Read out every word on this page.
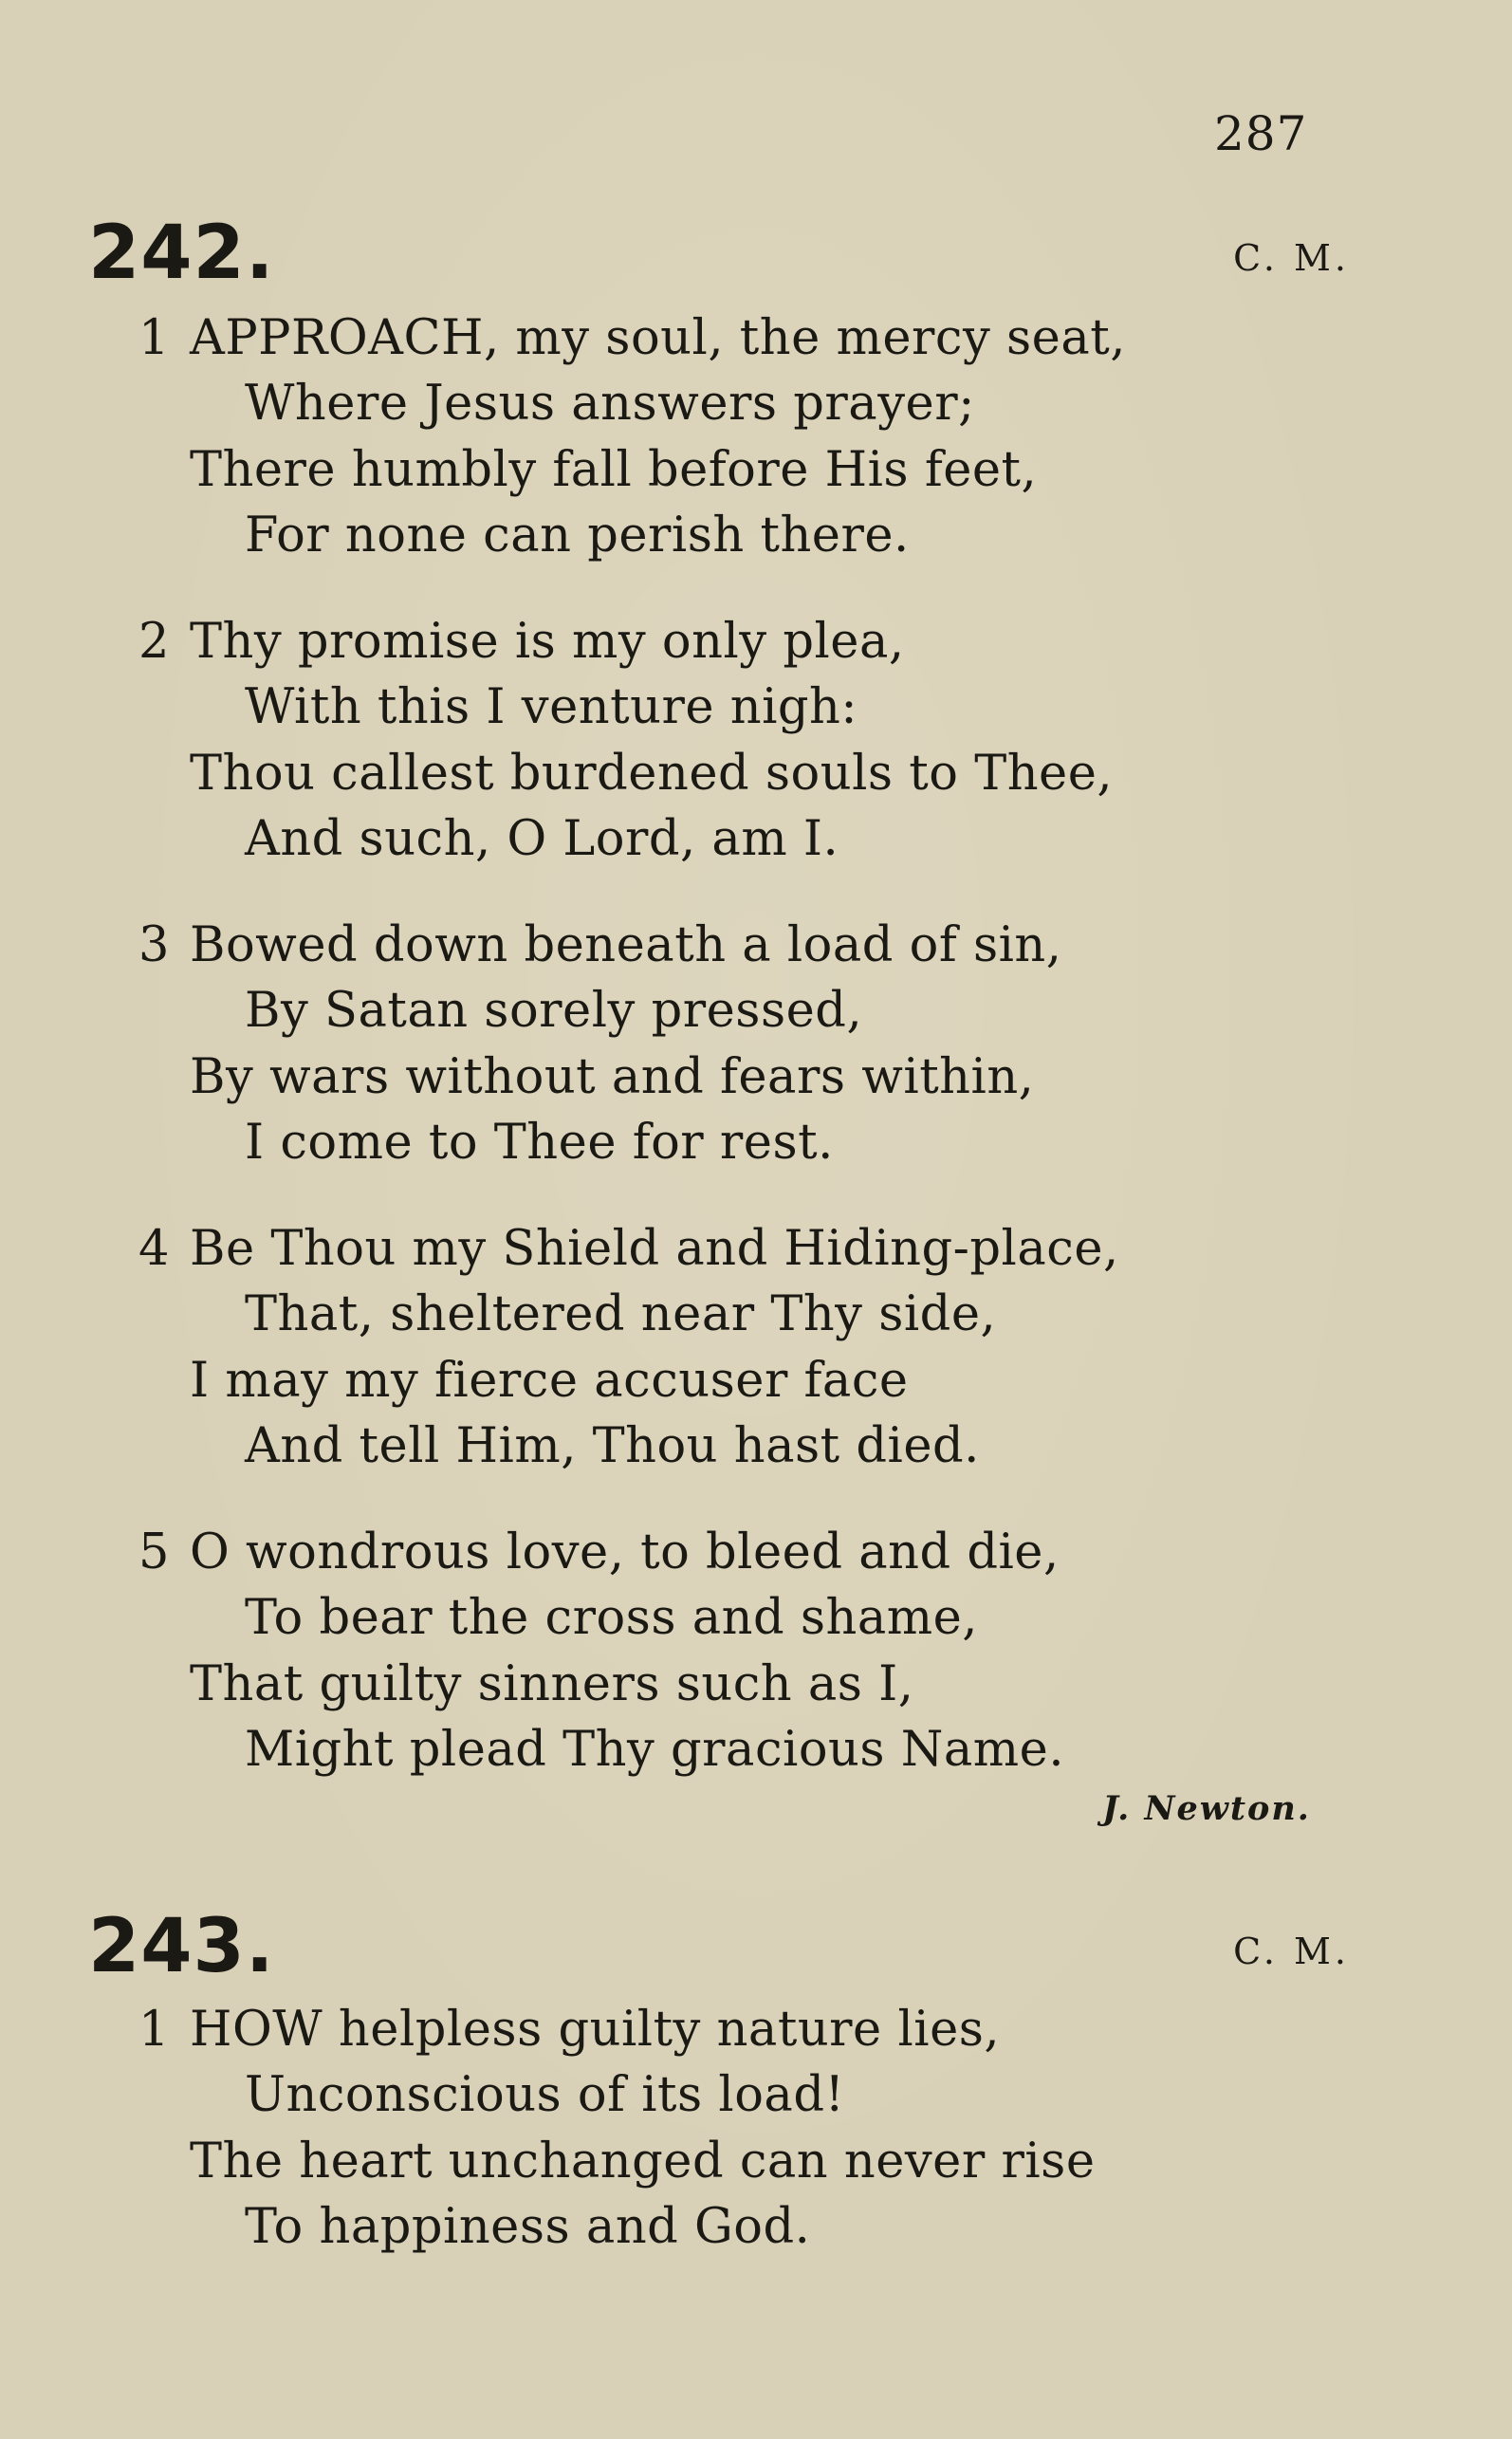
287
242.	C. M.
1 APPROACH, my soul, the mercy seat,
Where Jesus answers prayer;
There humbly fall before His feet,
For none can perish there.
2 Thy promise is my only plea,
With this I venture nigh:
Thou callest burdened souls to Thee,
And such, O Lord, am I.
3 Bowed down beneath a load of sin,
By Satan sorely pressed,
By wars without and fears within,
I come to Thee for rest.
4 Be Thou my Shield and Hiding-place,
That, sheltered near Thy side,
I may my fierce accuser face
And tell Him, Thou hast died.
5 O wondrous love, to bleed and die,
To bear the cross and shame,
That guilty sinners such as I,
Might plead Thy gracious Name.
J. Newton.
243.	C. M.
1 HOW helpless guilty nature lies,
Unconscious of its load!
The heart unchanged can never rise
To happiness and God.
